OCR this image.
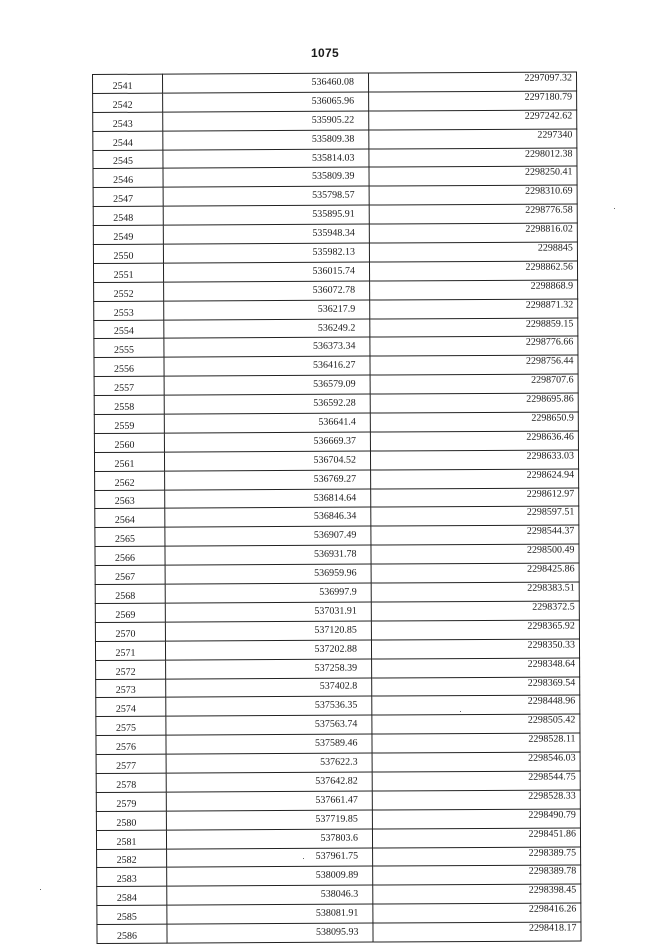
1075
2541	536460.08	2297097.32
2542	536065.96	2297180.79
2543	535905.22	2297242.62
2544	535809.38	2297340
2545	535814.03	2298012.38
2546	535809.39	2298250.41
2547	535798.57	2298310.69
2548	535895.91	2298776.58
2549	535948.34	2298816.02
2550	535982.13	2298845
2551	536015.74	2298862.56
2552	536072.78	2298868.9
2553	536217.9	2298871.32
2554	536249.2	2298859.15
2555	536373.34	2298776.66
2556	536416.27	2298756.44
2557	536579.09	2298707.6
2558	536592.28	2298695.86
2559	536641.4	2298650.9
2560	536669.37	2298636.46
2561	536704.52	2298633.03
2562	536769.27	2298624.94
2563	536814.64	2298612.97
2564	536846.34	2298597.51
2565	536907.49	2298544.37
2566	536931.78	2298500.49
2567	536959.96	2298425.86
2568	536997.9	2298383.51
2569	537031.91	2298372.5
2570	537120.85	2298365.92
2571	537202.88	2298350.33
2572	537258.39	2298348.64
2573	537402.8	2298369.54
2574	537536.35	2298448.96
2575	537563.74	2298505.42
2576	537589.46	2298528.11
2577	537622.3	2298546.03
2578	537642.82	2298544.75
2579	537661.47	2298528.33
2580	537719.85	2298490.79
2581	537803.6	2298451.86
2582	537961.75	2298389.75
2583	538009.89	2298389.78
2584	538046.3	2298398.45
2585	538081.91	2298416.26
2586	538095.93	2298418.17
